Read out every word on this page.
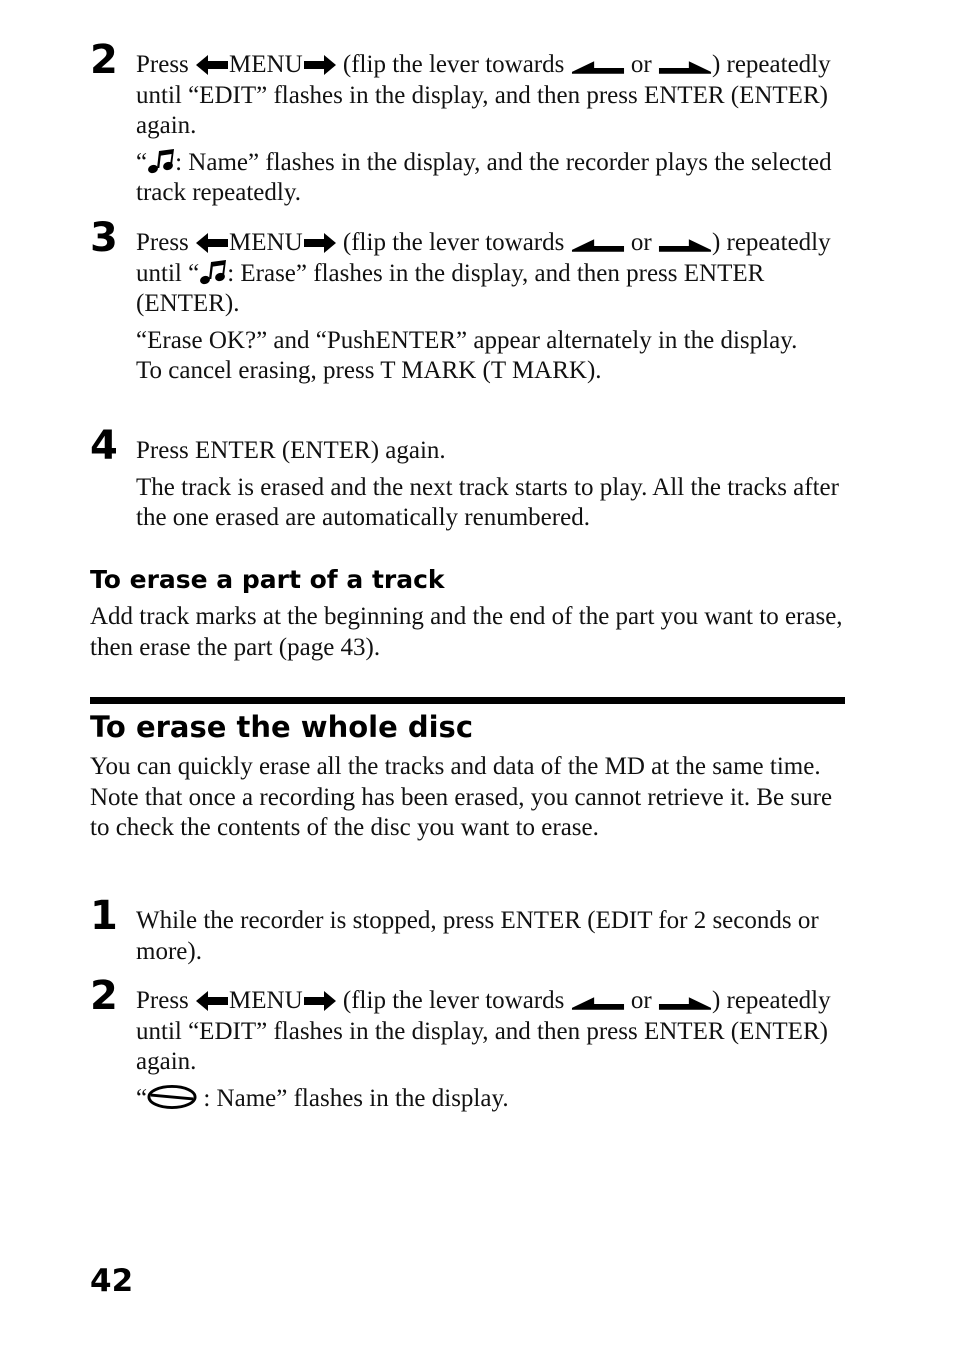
2 Press MENU (flip the lever towards  or ) repeatedly until “EDIT” flashes in the display, and then press ENTER (ENTER) again.

“ : Name” flashes in the display, and the recorder plays the selected track repeatedly.

3 Press MENU (flip the lever towards  or ) repeatedly until “ : Erase” flashes in the display, and then press ENTER (ENTER).

“Erase OK?” and “PushENTER” appear alternately in the display.

To cancel erasing, press T MARK (T MARK).

4 Press ENTER (ENTER) again.

The track is erased and the next track starts to play. All the tracks after the one erased are automatically renumbered.

To erase a part of a track

Add track marks at the beginning and the end of the part you want to erase, then erase the part (page 43).

To erase the whole disc

You can quickly erase all the tracks and data of the MD at the same time.

Note that once a recording has been erased, you cannot retrieve it. Be sure to check the contents of the disc you want to erase.

1 While the recorder is stopped, press ENTER (EDIT for 2 seconds or more).

2 Press MENU (flip the lever towards  or ) repeatedly until “EDIT” flashes in the display, and then press ENTER (ENTER) again.

“ : Name” flashes in the display.

42
